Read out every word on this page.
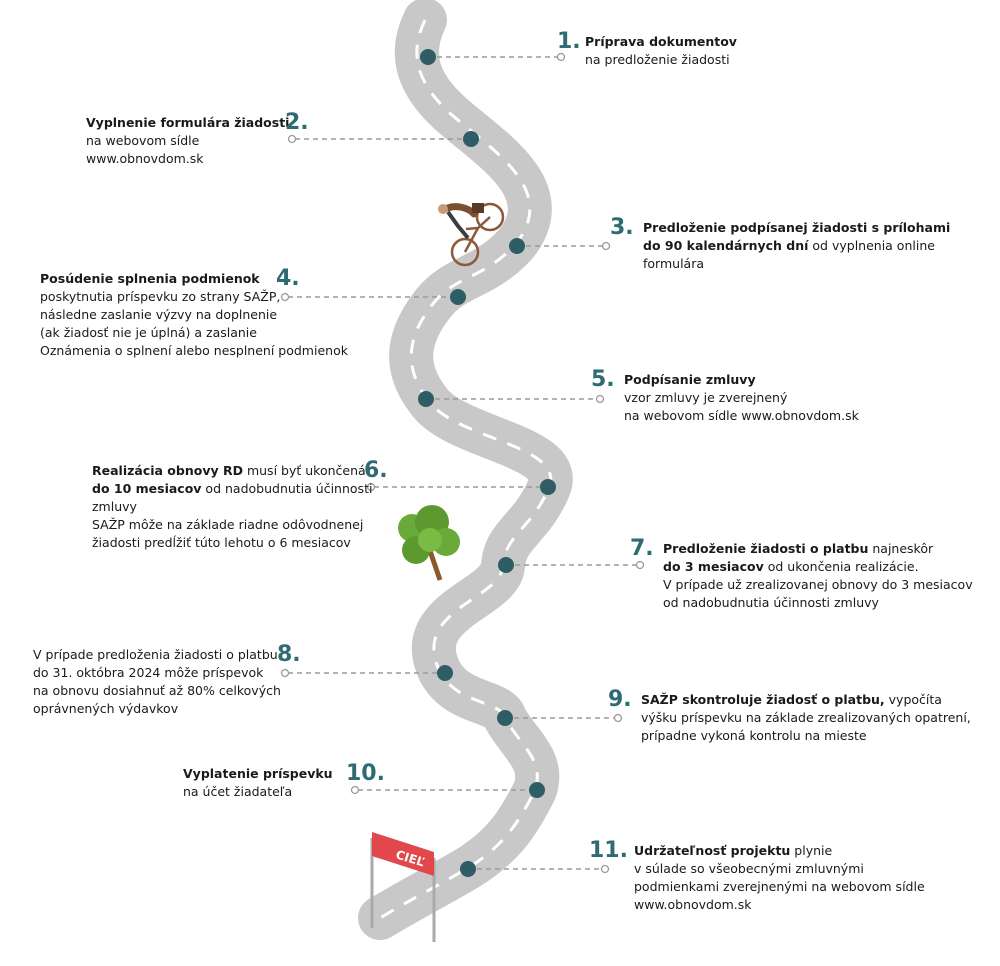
CIEĽ
1. Príprava dokumentov
na predloženie žiadosti
2.
Vyplnenie formulára žiadosti
na webovom sídle
www.obnovdom.sk
3. Predloženie podpísanej žiadosti s prílohami
do 90 kalendárnych dní od vyplnenia online
formulára
4.
Posúdenie splnenia podmienok
poskytnutia príspevku zo strany SAŽP,
následne zaslanie výzvy na doplnenie
(ak žiadosť nie je úplná) a zaslanie
Oznámenia o splnení alebo nesplnení podmienok
5. Podpísanie zmluvy
vzor zmluvy je zverejnený
na webovom sídle www.obnovdom.sk
6.
Realizácia obnovy RD musí byť ukončená
do 10 mesiacov od nadobudnutia účinnosti
zmluvy
SAŽP môže na základe riadne odôvodnenej
žiadosti predĺžiť túto lehotu o 6 mesiacov	7. Predloženie žiadosti o platbu najneskôr
do 3 mesiacov od ukončenia realizácie.
V prípade už zrealizovanej obnovy do 3 mesiacov
od nadobudnutia účinnosti zmluvy
8.
V prípade predloženia žiadosti o platbu
do 31. októbra 2024 môže príspevok
na obnovu dosiahnuť až 80% celkových
oprávnených výdavkov	9. SAŽP skontroluje žiadosť o platbu, vypočíta
výšku príspevku na základe zrealizovaných opatrení,
prípadne vykoná kontrolu na mieste
10.
Vyplatenie príspevku
na účet žiadateľa
11. Udržateľnosť projektu plynie
v súlade so všeobecnými zmluvnými
podmienkami zverejnenými na webovom sídle
www.obnovdom.sk
